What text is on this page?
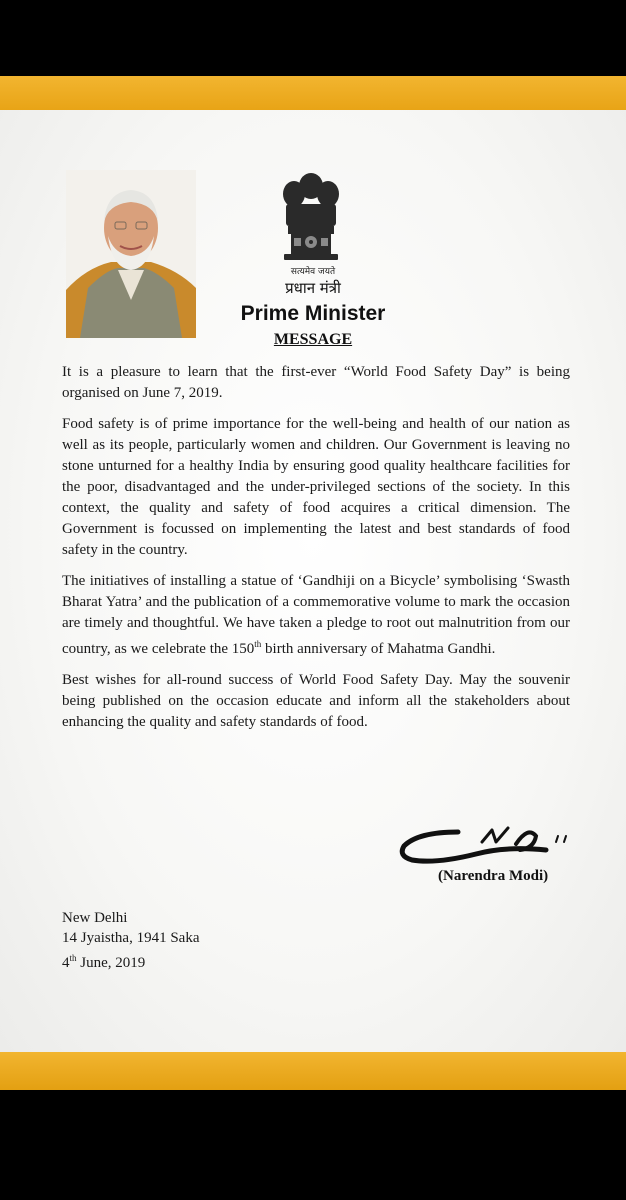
सत्यमेव जयते
प्रधान मंत्री
Prime Minister
MESSAGE

It is a pleasure to learn that the first-ever “World Food Safety Day” is being organised on June 7, 2019.

Food safety is of prime importance for the well-being and health of our nation as well as its people, particularly women and children. Our Government is leaving no stone unturned for a healthy India by ensuring good quality healthcare facilities for the poor, disadvantaged and the under-privileged sections of the society. In this context, the quality and safety of food acquires a critical dimension. The Government is focussed on implementing the latest and best standards of food safety in the country.

The initiatives of installing a statue of ‘Gandhiji on a Bicycle’ symbolising ‘Swasth Bharat Yatra’ and the publication of a commemorative volume to mark the occasion are timely and thoughtful. We have taken a pledge to root out malnutrition from our country, as we celebrate the 150th birth anniversary of Mahatma Gandhi.

Best wishes for all-round success of World Food Safety Day. May the souvenir being published on the occasion educate and inform all the stakeholders about enhancing the quality and safety standards of food.

(Narendra Modi)
New Delhi
14 Jyaistha, 1941 Saka
4th June, 2019
